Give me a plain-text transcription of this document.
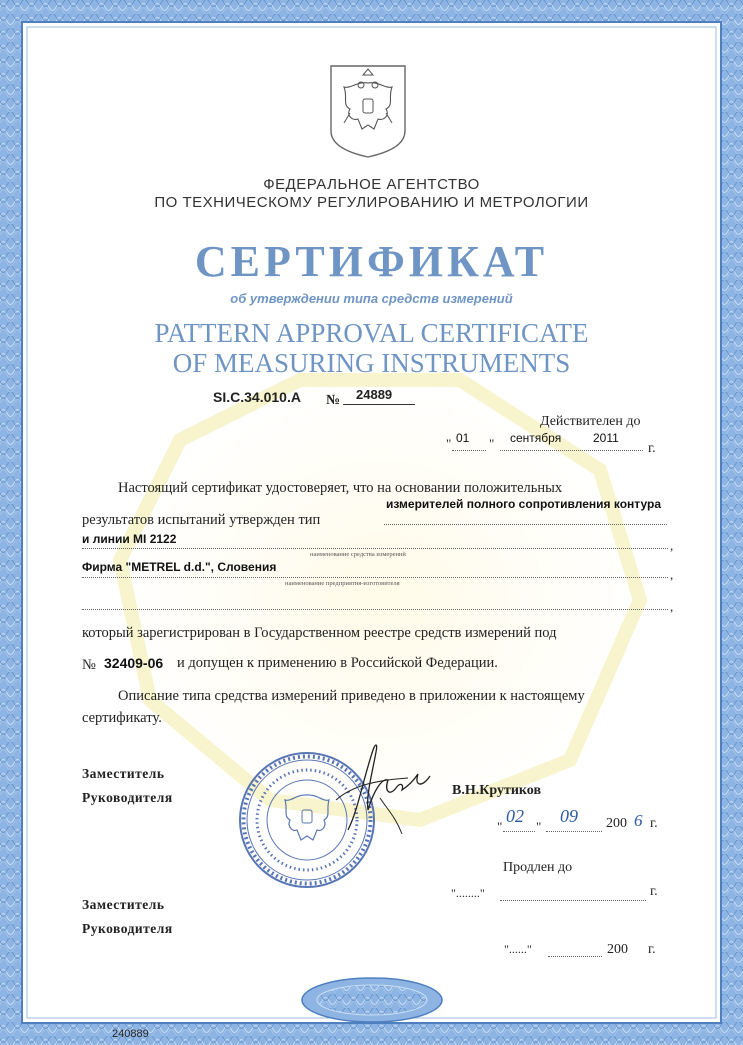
ФЕДЕРАЛЬНОЕ АГЕНТСТВО
ПО ТЕХНИЧЕСКОМУ РЕГУЛИРОВАНИЮ И МЕТРОЛОГИИ
СЕРТИФИКАТ
об утверждении типа средств измерений
PATTERN APPROVAL CERTIFICATE
OF MEASURING INSTRUMENTS
SI.C.34.010.A № 24889
Действителен до
" 01 " сентября	2011
г.
Настоящий сертификат удостоверяет, что на основании положительных
результатов испытаний утвержден тип
измерителей полного сопротивления контура
и линии MI 2122	,
наименование средства измерений
Фирма "METREL d.d.", Словения	,
наименование предприятия-изготовителя
,
который зарегистрирован в Государственном реестре средств измерений под
№ 32409-06 и допущен к применению в Российской Федерации.
Описание типа средства измерений приведено в приложении к настоящему
сертификату.
Заместитель
Руководителя	В.Н.Крутиков
"
02
"
09 200 6 г.
Продлен до
"........"	г.
Заместитель
Руководителя
"......"	200 г.
240889
